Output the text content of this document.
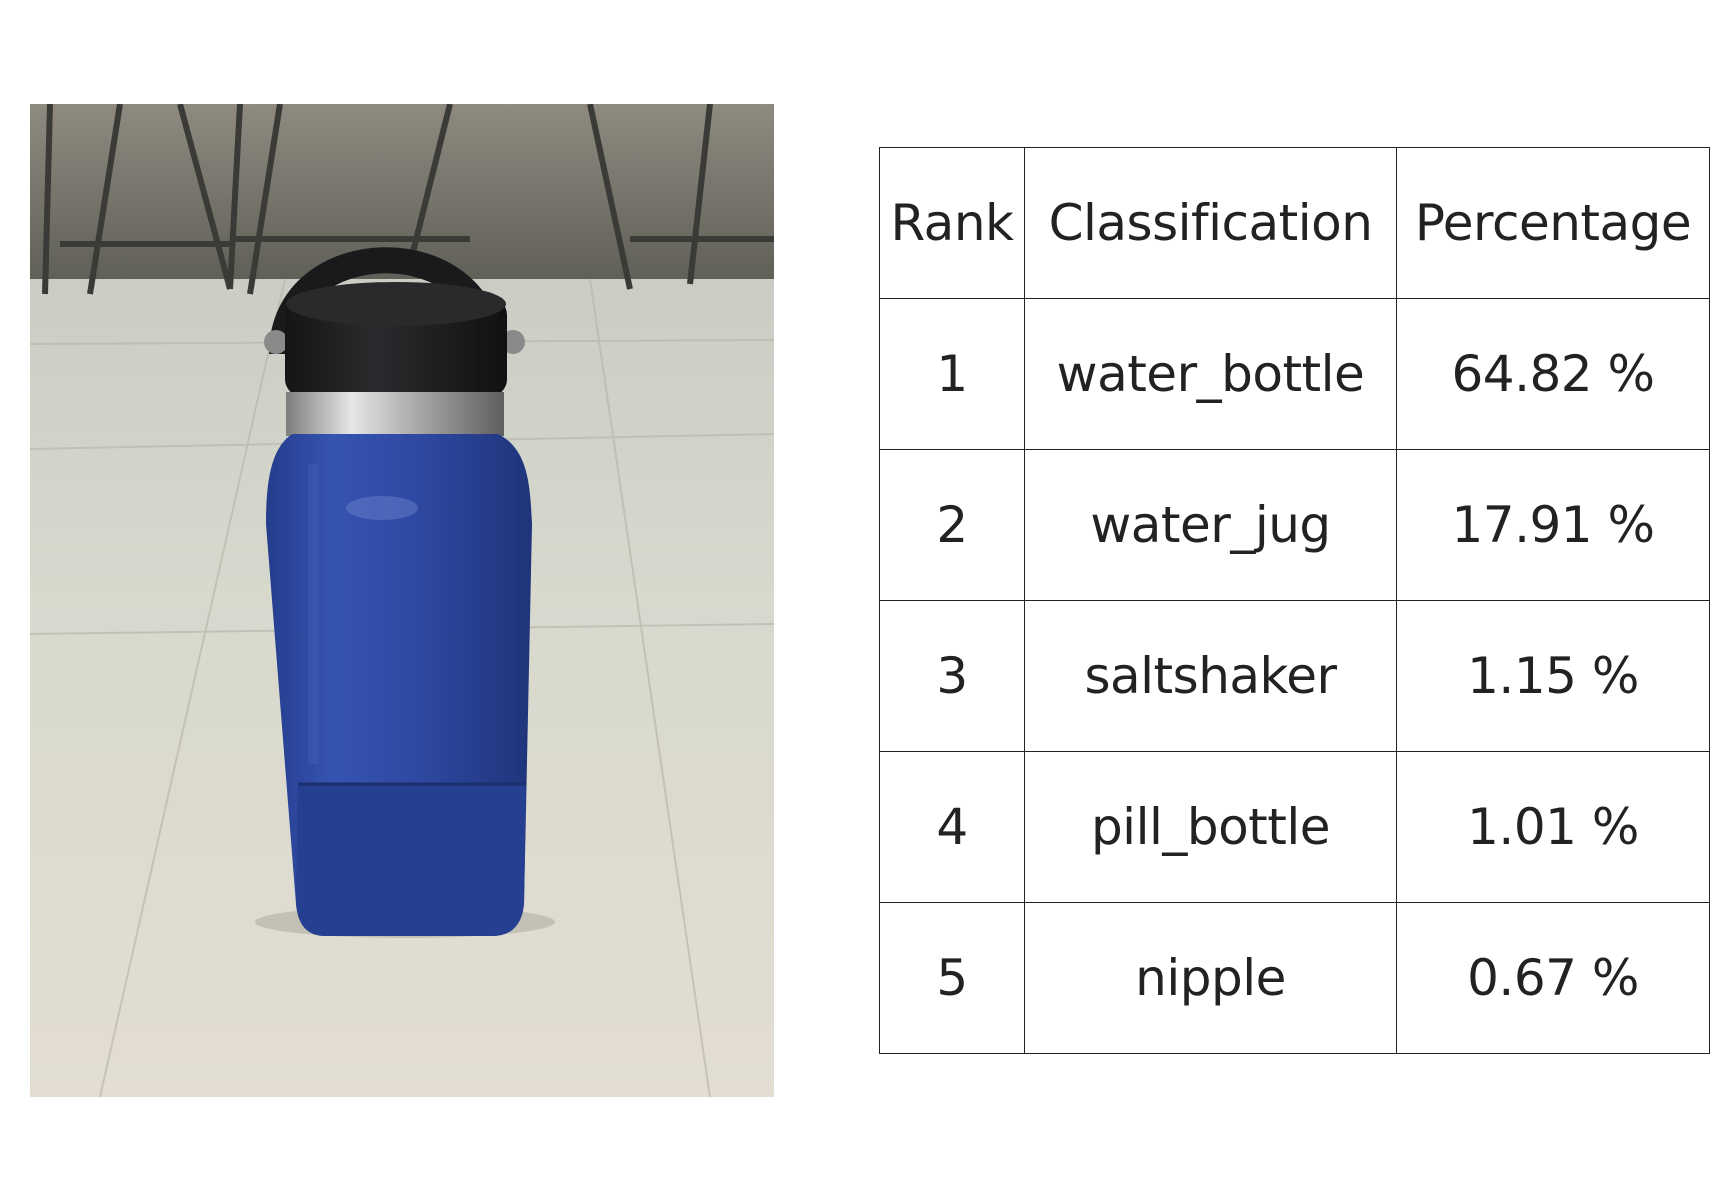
Rank	Classification	Percentage
1	water_bottle	64.82 %
2	water_jug	17.91 %
3	saltshaker	1.15 %
4	pill_bottle	1.01 %
5	nipple	0.67 %
